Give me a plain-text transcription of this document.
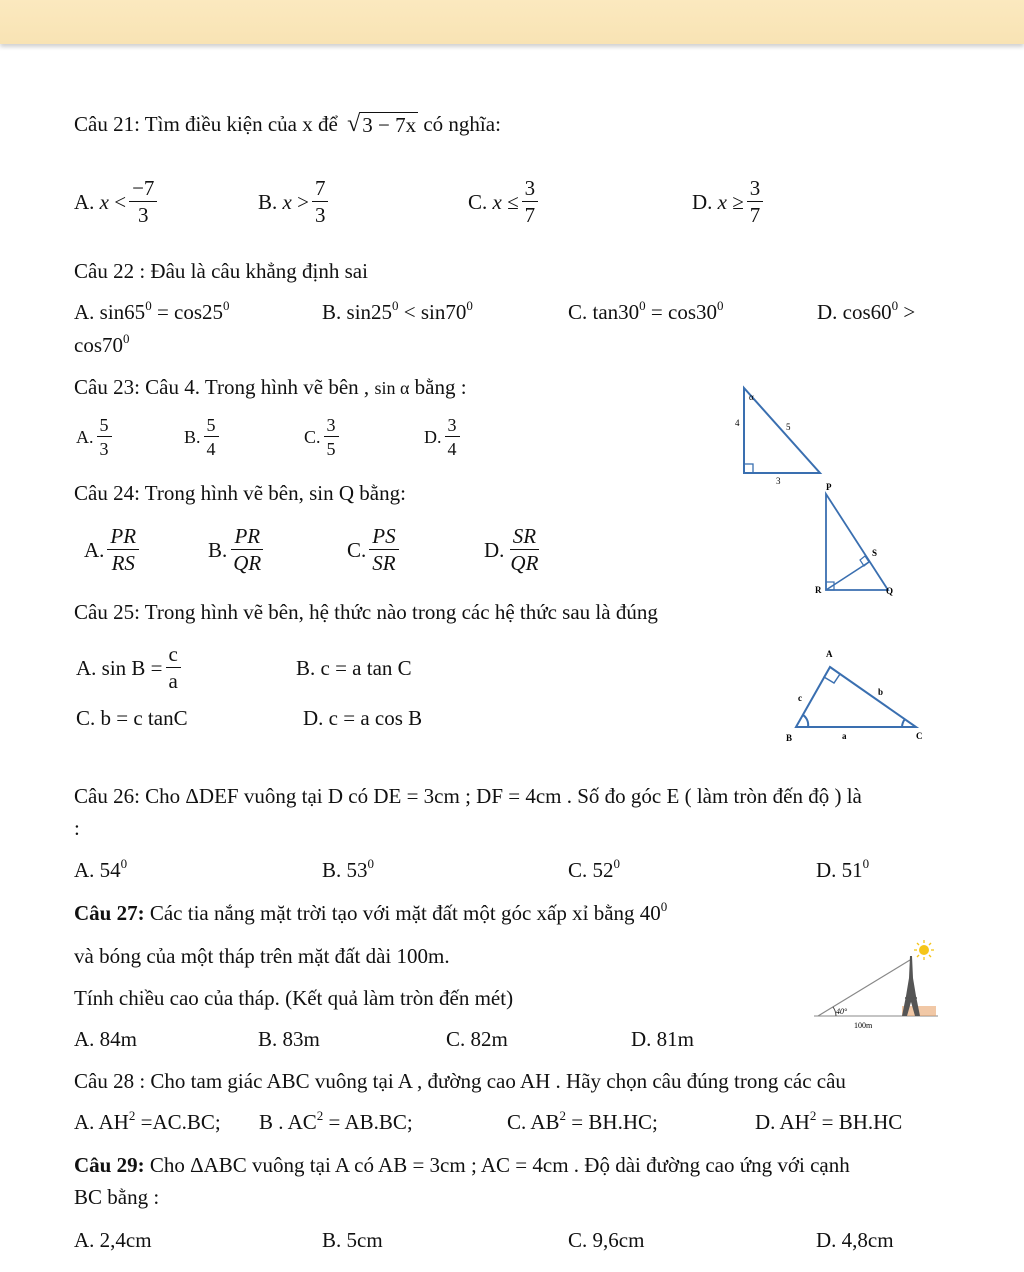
Câu 21: Tìm điều kiện của x để √ 3 − 7x có nghĩa:
A.
x
< $\frac{-7}{3}$	B.
x
> $\frac{7}{3}$	C.
x
≤ $\frac{3}{7}$	D.
x
≥ $\frac{3}{7}$
Câu 22 : Đâu là câu khẳng định sai
A. $\sin 65^0 = \cos 25^0$	B. $\sin 25^0 < \sin 70^0$	C. $\tan 30^0 = \cos 30^0$	D. $\cos 60^0$ >
$\cos 70^0$
Câu 23: Câu 4. Trong hình vẽ bên , sin α bằng :
A. $\frac{5}{3}$	B. $\frac{5}{4}$	C. $\frac{3}{5}$	D. $\frac{3}{4}$
α
4	5
3
Câu 24: Trong hình vẽ bên, sin Q bằng:
A. $\frac{PR}{RS}$	B. $\frac{PR}{QR}$	C. $\frac{PS}{SR}$	D. $\frac{SR}{QR}$
P
R
S
Q
Câu 25: Trong hình vẽ bên, hệ thức nào trong các hệ thức sau là đúng
A.
$\sin B = \frac{c}{a}$	B. c = a tan C
C. b = c tanC	D. c = a cos B
A
B	C
c
b
a
Câu 26: Cho ΔDEF vuông tại D có DE = 3cm ; DF = 4cm . Số đo góc E ( làm tròn đến độ ) là
:
A. $54^0$	B. $53^0$	C. $52^0$	D. $51^0$
Câu 27: Các tia nắng mặt trời tạo với mặt đất một góc xấp xỉ bằng $40^0$
và bóng của một tháp trên mặt đất dài 100m.
Tính chiều cao của tháp. (Kết quả làm tròn đến mét)
A. 84m	B. 83m	C. 82m	D. 81m
40°
100m
Câu 28 : Cho tam giác ABC vuông tại A , đường cao AH . Hãy chọn câu đúng trong các câu
A. $AH^2 =AC.BC$; B . $AC^2 = AB.BC$;	C. $AB^2 = BH.HC$;	D. $AH^2 = BH.HC$
Câu 29: Cho ΔABC vuông tại A có AB = 3cm ; AC = 4cm . Độ dài đường cao ứng với cạnh
BC bằng :
A. 2,4cm	B. 5cm	C. 9,6cm	D. 4,8cm
